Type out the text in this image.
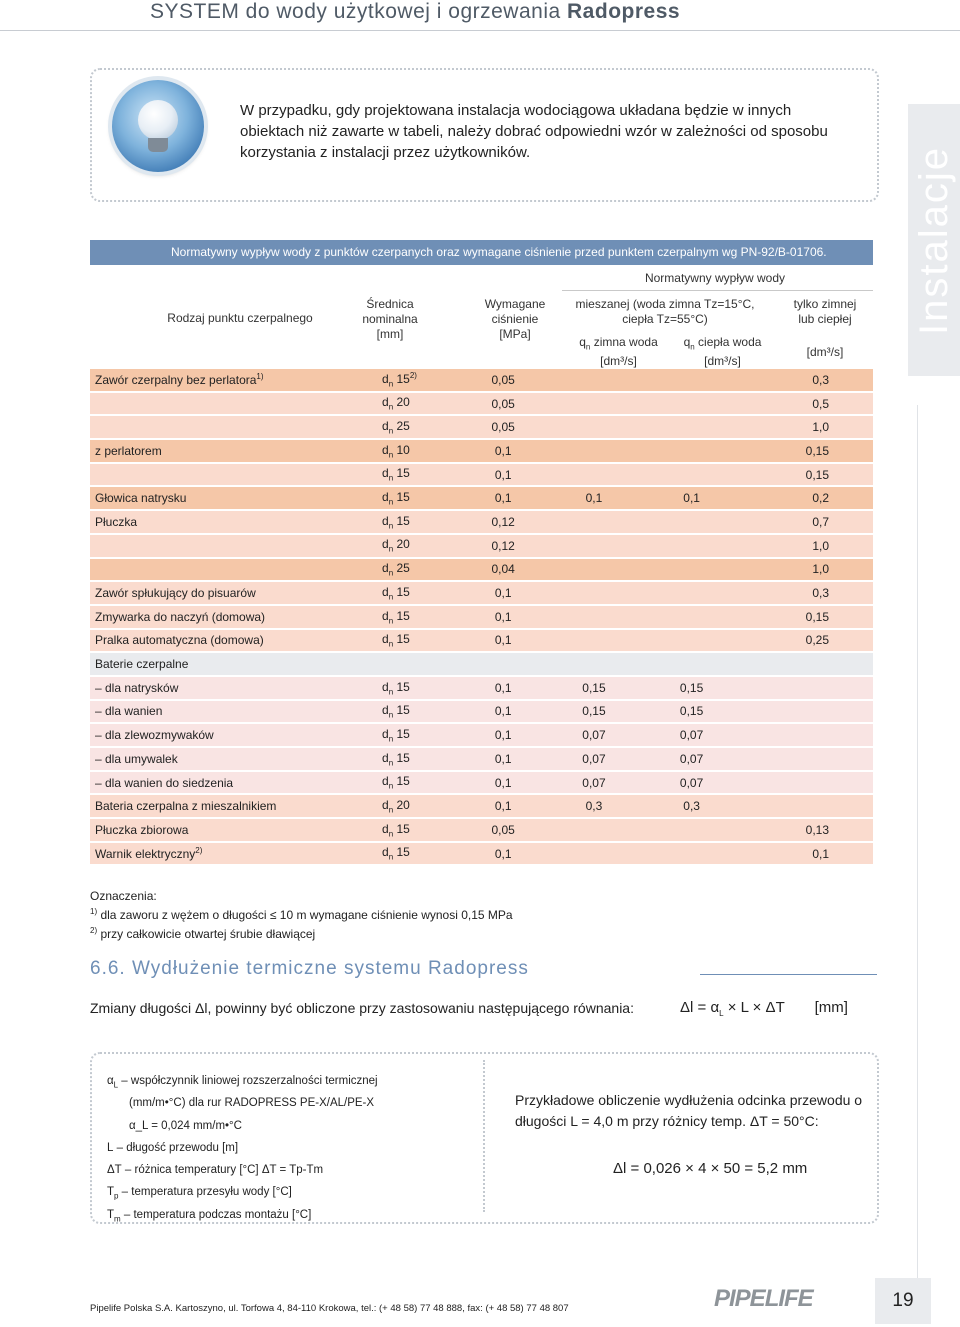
SYSTEM do wody użytkowej i ogrzewania Radopress
Instalacje
W przypadku, gdy projektowana instalacja wodociągowa układana będzie w innych obiektach niż zawarte w tabeli, należy dobrać odpowiedni wzór w zależności od sposobu korzystania z instalacji przez użytkowników.
Normatywny wypływ wody z punktów czerpanych oraz wymagane ciśnienie przed punktem czerpalnym wg PN-92/B-01706.
Rodzaj punktu czerpalnego
Średnica
nominalna
[mm]
Wymagane
ciśnienie
[MPa]
Normatywny wypływ wody
mieszanej (woda zimna Tz=15°C,
ciepła Tz=55°C)
$q_n$ zimna woda
[dm³/s]
$q_n$ ciepła woda
[dm³/s]
tylko zimnej
lub ciepłej
[dm³/s]
Zawór czerpalny bez perlatora$^{1)}$	$d_n$ 15$^{2)}$	0,05			0,3
	$d_n$ 20	0,05			0,5
	$d_n$ 25	0,05			1,0
z perlatorem	$d_n$ 10	0,1			0,15
	$d_n$ 15	0,1			0,15
Głowica natrysku	$d_n$ 15	0,1	0,1	0,1	0,2
Płuczka	$d_n$ 15	0,12			0,7
	$d_n$ 20	0,12			1,0
	$d_n$ 25	0,04			1,0
Zawór spłukujący do pisuarów	$d_n$ 15	0,1			0,3
Zmywarka do naczyń (domowa)	$d_n$ 15	0,1			0,15
Pralka automatyczna (domowa)	$d_n$ 15	0,1			0,25
Baterie czerpalne					
– dla natrysków	$d_n$ 15	0,1	0,15	0,15	
– dla wanien	$d_n$ 15	0,1	0,15	0,15	
– dla zlewozmywaków	$d_n$ 15	0,1	0,07	0,07	
– dla umywalek	$d_n$ 15	0,1	0,07	0,07	
– dla wanien do siedzenia	$d_n$ 15	0,1	0,07	0,07	
Bateria czerpalna z mieszalnikiem	$d_n$ 20	0,1	0,3	0,3	
Płuczka zbiorowa	$d_n$ 15	0,05			0,13
Warnik elektryczny$^{2)}$	$d_n$ 15	0,1			0,1
Oznaczenia:
$^{1)}$ dla zaworu z wężem o długości ≤ 10 m wymagane ciśnienie wynosi 0,15 MPa
$^{2)}$ przy całkowicie otwartej śrubie dławiącej
6.6. Wydłużenie termiczne systemu Radopress
Zmiany długości Δl, powinny być obliczone przy zastosowaniu następującego równania:	$\Delta l = \alpha_L \times L \times \Delta T$ [mm]
$\alpha_L$ – współczynnik liniowej rozszerzalności termicznej
(mm/m•°C) dla rur RADOPRESS PE-X/AL/PE-X
α_L = 0,024 mm/m•°C
L – długość przewodu [m]
ΔT – różnica temperatury [°C] ΔT = Tp-Tm
$T_p$ – temperatura przesyłu wody [°C]
$T_m$ – temperatura podczas montażu [°C]
Przykładowe obliczenie wydłużenia odcinka przewodu o długości L = 4,0 m przy różnicy temp. ΔT = 50°C:
Δl = 0,026 × 4 × 50 = 5,2 mm
Pipelife Polska S.A. Kartoszyno, ul. Torfowa 4, 84-110 Krokowa, tel.: (+ 48 58) 77 48 888, fax: (+ 48 58) 77 48 807	PIPELIFE	19
